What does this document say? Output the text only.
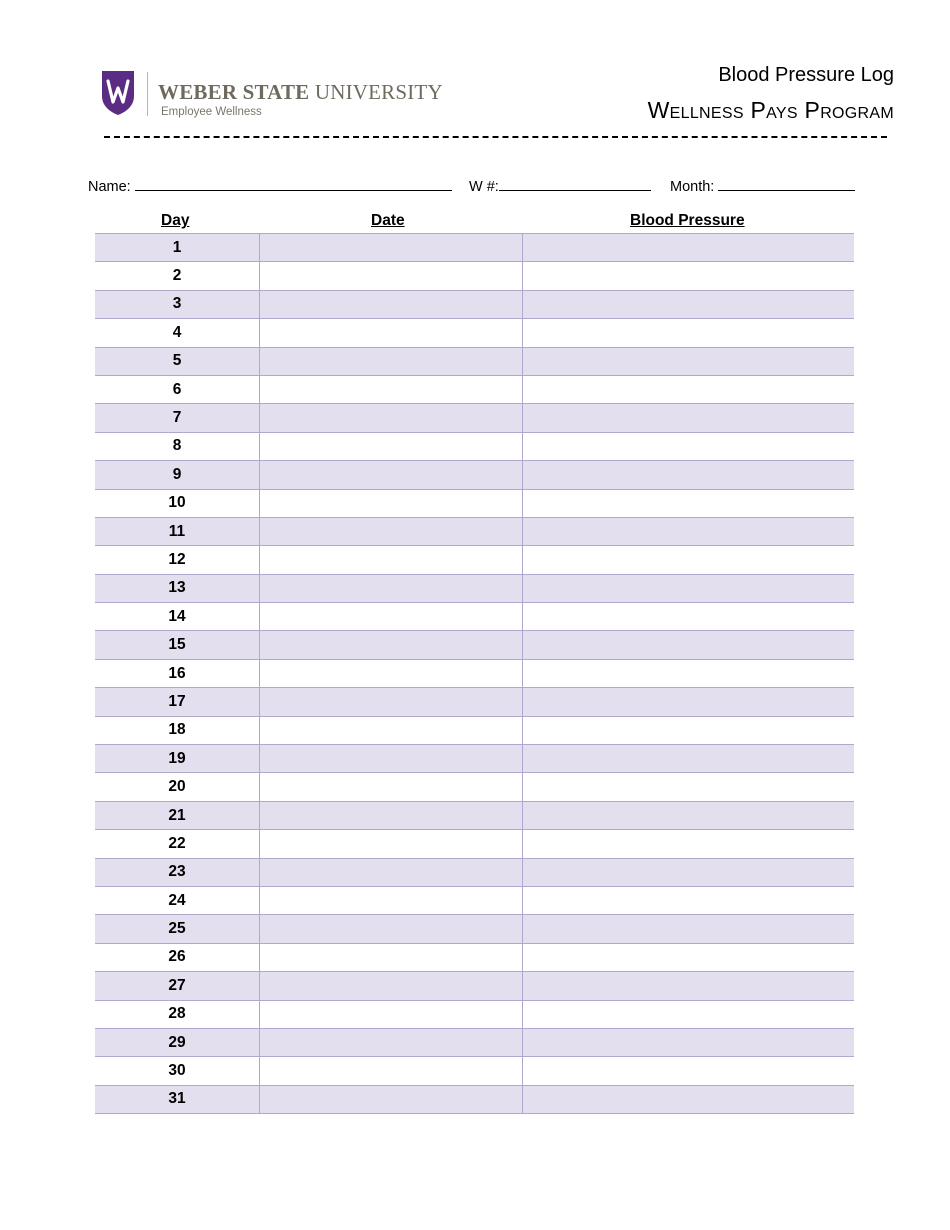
WEBER STATE UNIVERSITY
Employee Wellness
Blood Pressure Log
Wellness Pays Program
Name:	W #:	Month:
Day	Date	Blood Pressure
1		
2		
3		
4		
5		
6		
7		
8		
9		
10		
11		
12		
13		
14		
15		
16		
17		
18		
19		
20		
21		
22		
23		
24		
25		
26		
27		
28		
29		
30		
31		
